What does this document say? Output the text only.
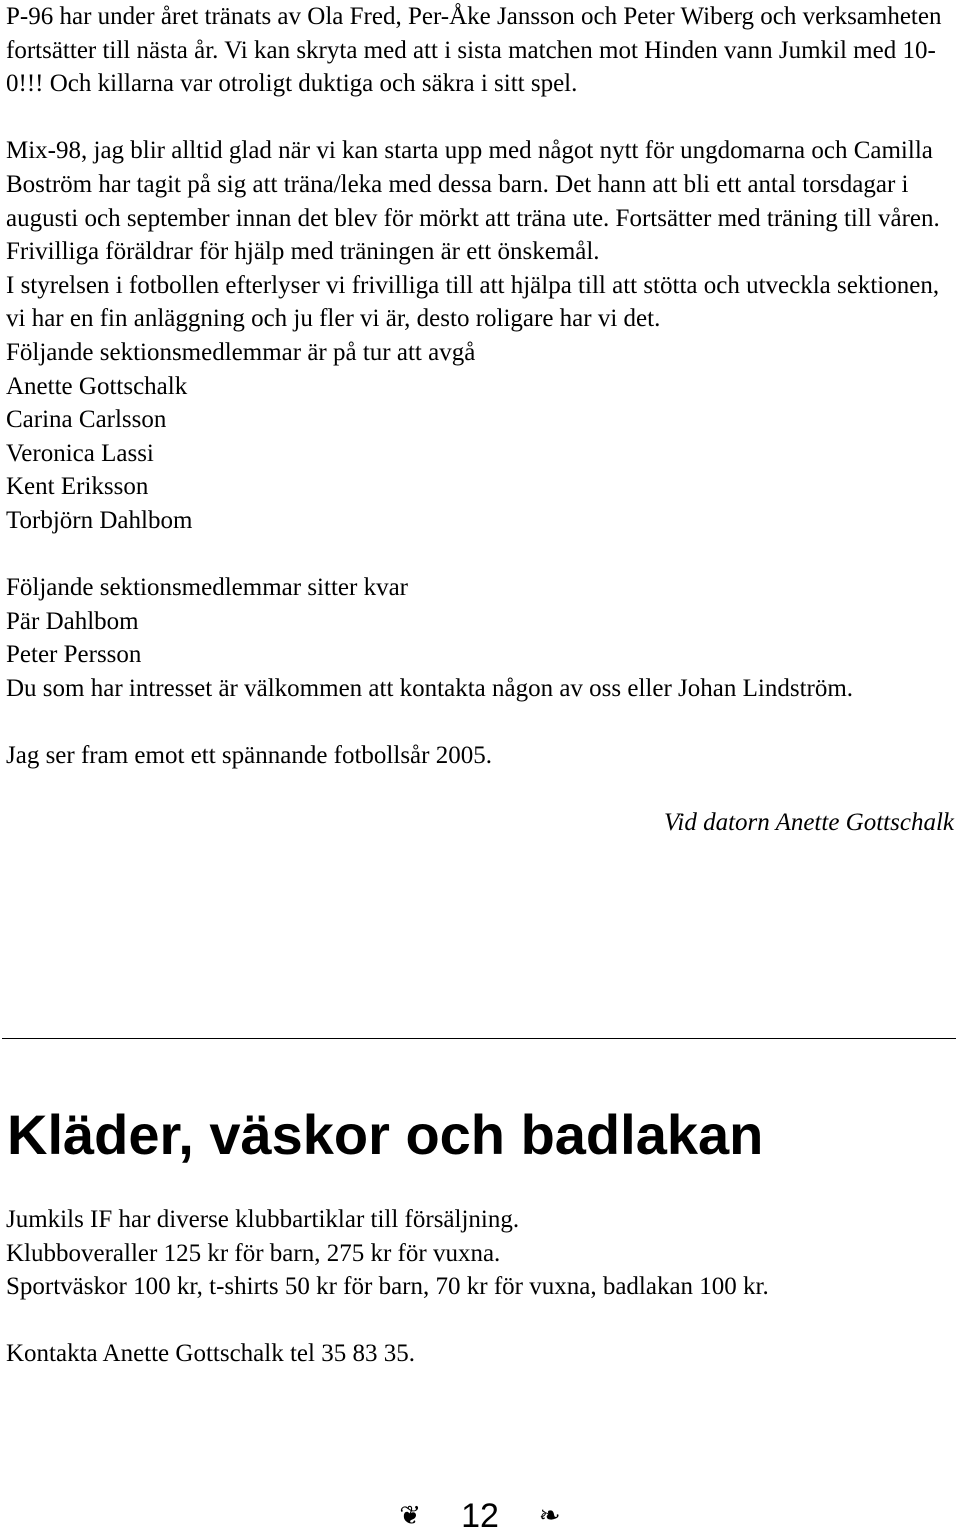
P-96 har under året tränats av Ola Fred, Per-Åke Jansson och Peter Wiberg och verksamheten fortsätter till nästa år. Vi kan skryta med att i sista matchen mot Hinden vann Jumkil med 10-0!!! Och killarna var otroligt duktiga och säkra i sitt spel.

Mix-98, jag blir alltid glad när vi kan starta upp med något nytt för ungdomarna och Camilla Boström har tagit på sig att träna/leka med dessa barn. Det hann att bli ett antal torsdagar i augusti och september innan det blev för mörkt att träna ute. Fortsätter med träning till våren. Frivilliga föräldrar för hjälp med träningen är ett önskemål.

I styrelsen i fotbollen efterlyser vi frivilliga till att hjälpa till att stötta och utveckla sektionen, vi har en fin anläggning och ju fler vi är, desto roligare har vi det.

Följande sektionsmedlemmar är på tur att avgå

Anette Gottschalk

Carina Carlsson

Veronica Lassi

Kent Eriksson

Torbjörn Dahlbom

Följande sektionsmedlemmar sitter kvar

Pär Dahlbom

Peter Persson

Du som har intresset är välkommen att kontakta någon av oss eller Johan Lindström.

Jag ser fram emot ett spännande fotbollsår 2005.

Vid datorn Anette Gottschalk

Kläder, väskor och badlakan

Jumkils IF har diverse klubbartiklar till försäljning.

Klubboveraller 125 kr för barn, 275 kr för vuxna.

Sportväskor 100 kr, t-shirts 50 kr för barn, 70 kr för vuxna, badlakan 100 kr.

Kontakta Anette Gottschalk tel 35 83 35.

❦ 12 ❧
